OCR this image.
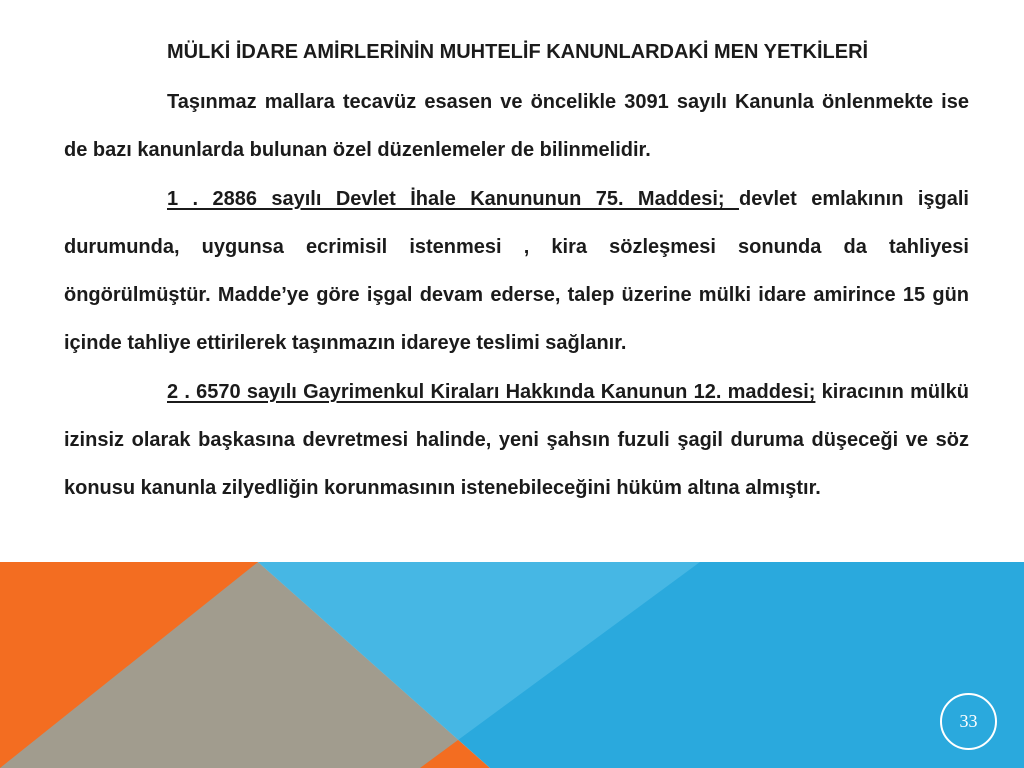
MÜLKİ İDARE AMİRLERİNİN MUHTELİF KANUNLARDAKİ MEN YETKİLERİ

Taşınmaz mallara tecavüz esasen ve öncelikle 3091 sayılı Kanunla önlenmekte ise de bazı kanunlarda bulunan özel düzenlemeler de bilinmelidir.

1 . 2886 sayılı Devlet İhale Kanununun 75. Maddesi; devlet emlakının işgali durumunda, uygunsa ecrimisil istenmesi , kira sözleşmesi sonunda da tahliyesi öngörülmüştür. Madde’ye göre işgal devam ederse, talep üzerine mülki idare amirince 15 gün içinde tahliye ettirilerek taşınmazın idareye teslimi sağlanır.

2 . 6570 sayılı Gayrimenkul Kiraları Hakkında Kanunun 12. maddesi; kiracının mülkü izinsiz olarak başkasına devretmesi halinde, yeni şahsın fuzuli şagil duruma düşeceği ve söz konusu kanunla zilyedliğin korunmasının istenebileceğini hüküm altına almıştır.

33
